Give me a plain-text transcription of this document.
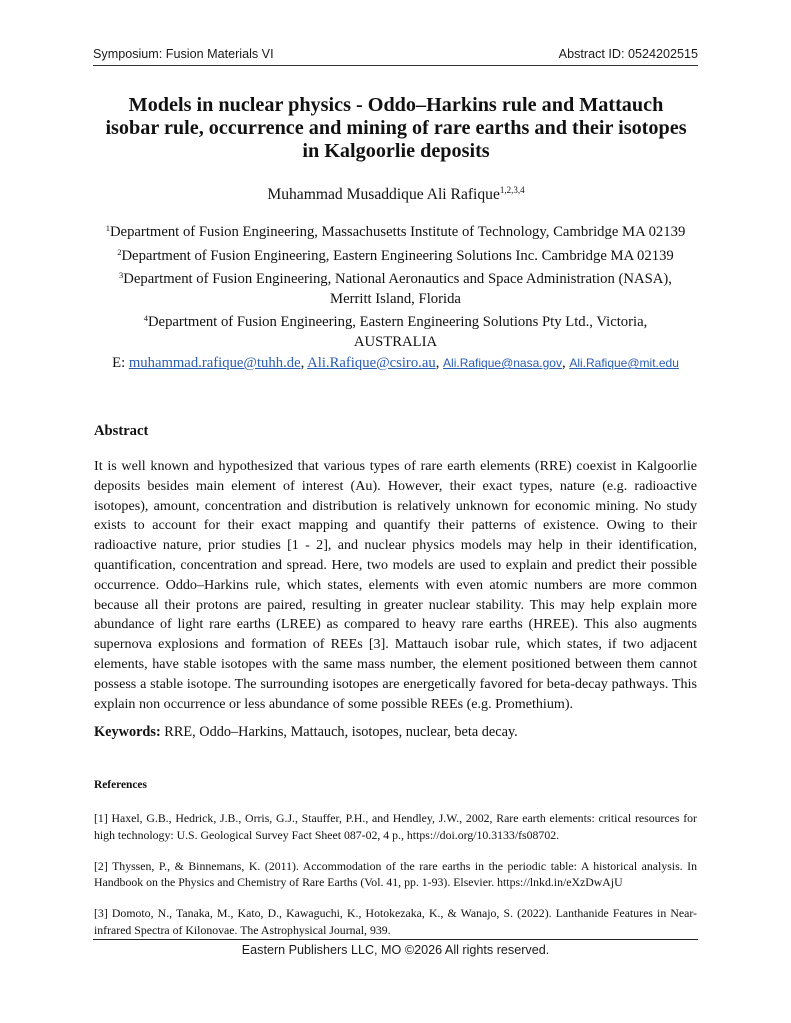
Symposium: Fusion Materials VI	Abstract ID: 0524202515
Models in nuclear physics - Oddo–Harkins rule and Mattauch
isobar rule, occurrence and mining of rare earths and their isotopes
in Kalgoorlie deposits
Muhammad Musaddique Ali Rafique$^{1,2,3,4}$
$^1$Department of Fusion Engineering, Massachusetts Institute of Technology, Cambridge MA 02139
$^2$Department of Fusion Engineering, Eastern Engineering Solutions Inc. Cambridge MA 02139
$^3$Department of Fusion Engineering, National Aeronautics and Space Administration (NASA),
Merritt Island, Florida
$^4$Department of Fusion Engineering, Eastern Engineering Solutions Pty Ltd., Victoria,
AUSTRALIA
E: muhammad.rafique@tuhh.de, Ali.Rafique@csiro.au, Ali.Rafique@nasa.gov, Ali.Rafique@mit.edu
Abstract
It is well known and hypothesized that various types of rare earth elements (RRE) coexist in Kalgoorlie deposits besides main element of interest (Au). However, their exact types, nature (e.g. radioactive isotopes), amount, concentration and distribution is relatively unknown for economic mining. No study exists to account for their exact mapping and quantify their patterns of existence. Owing to their radioactive nature, prior studies [1 - 2], and nuclear physics models may help in their identification, quantification, concentration and spread. Here, two models are used to explain and predict their possible occurrence. Oddo–Harkins rule, which states, elements with even atomic numbers are more common because all their protons are paired, resulting in greater nuclear stability. This may help explain more abundance of light rare earths (LREE) as compared to heavy rare earths (HREE). This also augments supernova explosions and formation of REEs [3]. Mattauch isobar rule, which states, if two adjacent elements, have stable isotopes with the same mass number, the element positioned between them cannot possess a stable isotope. The surrounding isotopes are energetically favored for beta-decay pathways. This explain non occurrence or less abundance of some possible REEs (e.g. Promethium).
Keywords: RRE, Oddo–Harkins, Mattauch, isotopes, nuclear, beta decay.
References
[1] Haxel, G.B., Hedrick, J.B., Orris, G.J., Stauffer, P.H., and Hendley, J.W., 2002, Rare earth elements: critical resources for high technology: U.S. Geological Survey Fact Sheet 087-02, 4 p., https://doi.org/10.3133/fs08702.
[2] Thyssen, P., & Binnemans, K. (2011). Accommodation of the rare earths in the periodic table: A historical analysis. In Handbook on the Physics and Chemistry of Rare Earths (Vol. 41, pp. 1-93). Elsevier. https://lnkd.in/eXzDwAjU
[3] Domoto, N., Tanaka, M., Kato, D., Kawaguchi, K., Hotokezaka, K., & Wanajo, S. (2022). Lanthanide Features in Near-infrared Spectra of Kilonovae. The Astrophysical Journal, 939.
Eastern Publishers LLC, MO ©2026 All rights reserved.
